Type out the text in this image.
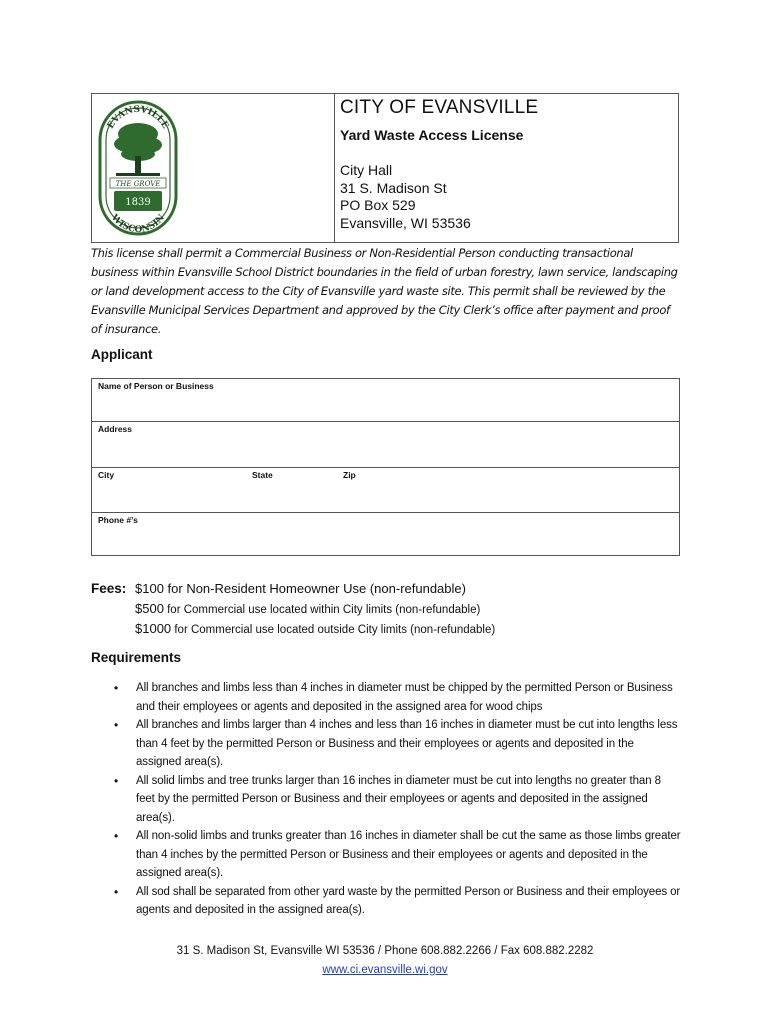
EVANSVILLE
WISCONSIN
THE GROVE
1839
CITY OF EVANSVILLE
Yard Waste Access License
City Hall
31 S. Madison St
PO Box 529
Evansville, WI 53536
This license shall permit a Commercial Business or Non-Residential Person conducting transactional business within Evansville School District boundaries in the field of urban forestry, lawn service, landscaping or land development access to the City of Evansville yard waste site. This permit shall be reviewed by the Evansville Municipal Services Department and approved by the City Clerk’s office after payment and proof of insurance.
Applicant
Name of Person or Business
Address
City	State	Zip
Phone #’s
Fees: $100 for Non-Resident Homeowner Use (non-refundable)
$500 for Commercial use located within City limits (non-refundable)
$1000 for Commercial use located outside City limits (non-refundable)
Requirements
• All branches and limbs less than 4 inches in diameter must be chipped by the permitted Person or Business and their employees or agents and deposited in the assigned area for wood chips
• All branches and limbs larger than 4 inches and less than 16 inches in diameter must be cut into lengths less than 4 feet by the permitted Person or Business and their employees or agents and deposited in the assigned area(s).
• All solid limbs and tree trunks larger than 16 inches in diameter must be cut into lengths no greater than 8 feet by the permitted Person or Business and their employees or agents and deposited in the assigned area(s).
• All non-solid limbs and trunks greater than 16 inches in diameter shall be cut the same as those limbs greater than 4 inches by the permitted Person or Business and their employees or agents and deposited in the assigned area(s).
• All sod shall be separated from other yard waste by the permitted Person or Business and their employees or agents and deposited in the assigned area(s).
31 S. Madison St, Evansville WI 53536 / Phone 608.882.2266 / Fax 608.882.2282
www.ci.evansville.wi.gov
